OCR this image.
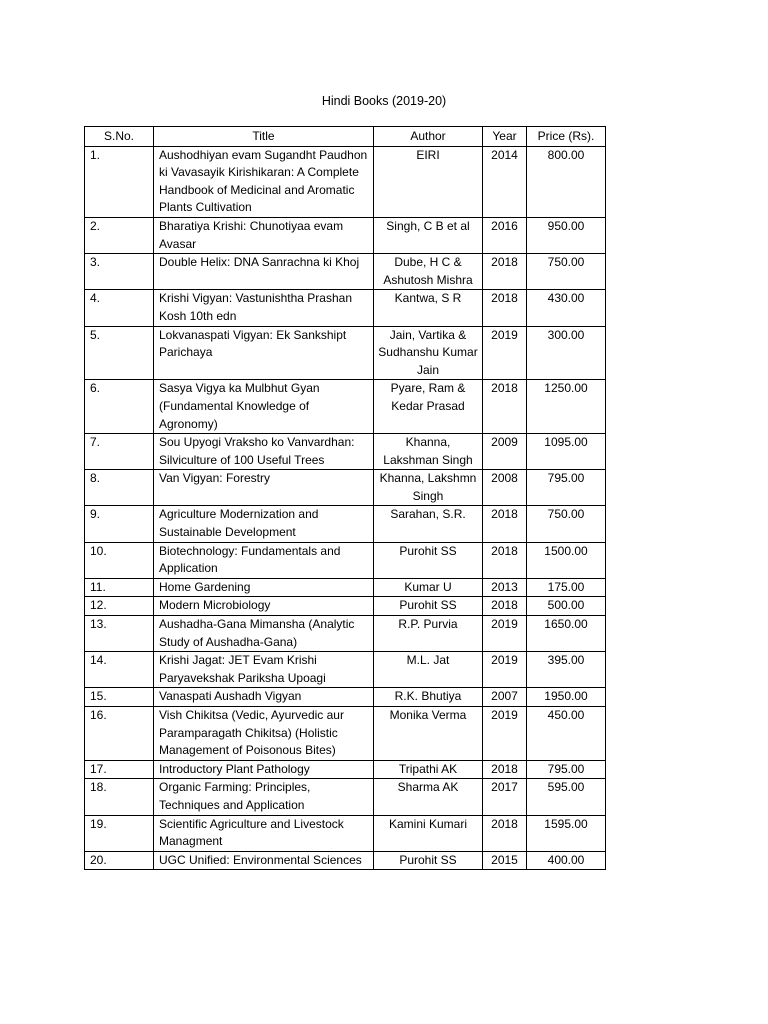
Hindi Books (2019-20)
S.No.	Title	Author	Year	Price (Rs).
1.	Aushodhiyan evam Sugandht Paudhon ki Vavasayik Kirishikaran: A Complete Handbook of Medicinal and Aromatic Plants Cultivation	EIRI	2014	800.00
2.	Bharatiya Krishi: Chunotiyaa evam Avasar	Singh, C B et al	2016	950.00
3.	Double Helix: DNA Sanrachna ki Khoj	Dube, H C & Ashutosh Mishra	2018	750.00
4.	Krishi Vigyan: Vastunishtha Prashan Kosh 10th edn	Kantwa, S R	2018	430.00
5.	Lokvanaspati Vigyan: Ek Sankshipt Parichaya	Jain, Vartika & Sudhanshu Kumar Jain	2019	300.00
6.	Sasya Vigya ka Mulbhut Gyan (Fundamental Knowledge of Agronomy)	Pyare, Ram & Kedar Prasad	2018	1250.00
7.	Sou Upyogi Vraksho ko Vanvardhan: Silviculture of 100 Useful Trees	Khanna, Lakshman Singh	2009	1095.00
8.	Van Vigyan: Forestry	Khanna, Lakshmn Singh	2008	795.00
9.	Agriculture Modernization and Sustainable Development	Sarahan, S.R.	2018	750.00
10.	Biotechnology: Fundamentals and Application	Purohit SS	2018	1500.00
11.	Home Gardening	Kumar U	2013	175.00
12.	Modern Microbiology	Purohit SS	2018	500.00
13.	Aushadha-Gana Mimansha (Analytic Study of Aushadha-Gana)	R.P. Purvia	2019	1650.00
14.	Krishi Jagat: JET Evam Krishi Paryavekshak Pariksha Upoagi	M.L. Jat	2019	395.00
15.	Vanaspati Aushadh Vigyan	R.K. Bhutiya	2007	1950.00
16.	Vish Chikitsa (Vedic, Ayurvedic aur Paramparagath Chikitsa) (Holistic Management of Poisonous Bites)	Monika Verma	2019	450.00
17.	Introductory Plant Pathology	Tripathi AK	2018	795.00
18.	Organic Farming: Principles, Techniques and Application	Sharma AK	2017	595.00
19.	Scientific Agriculture and Livestock Managment	Kamini Kumari	2018	1595.00
20.	UGC Unified: Environmental Sciences	Purohit SS	2015	400.00
